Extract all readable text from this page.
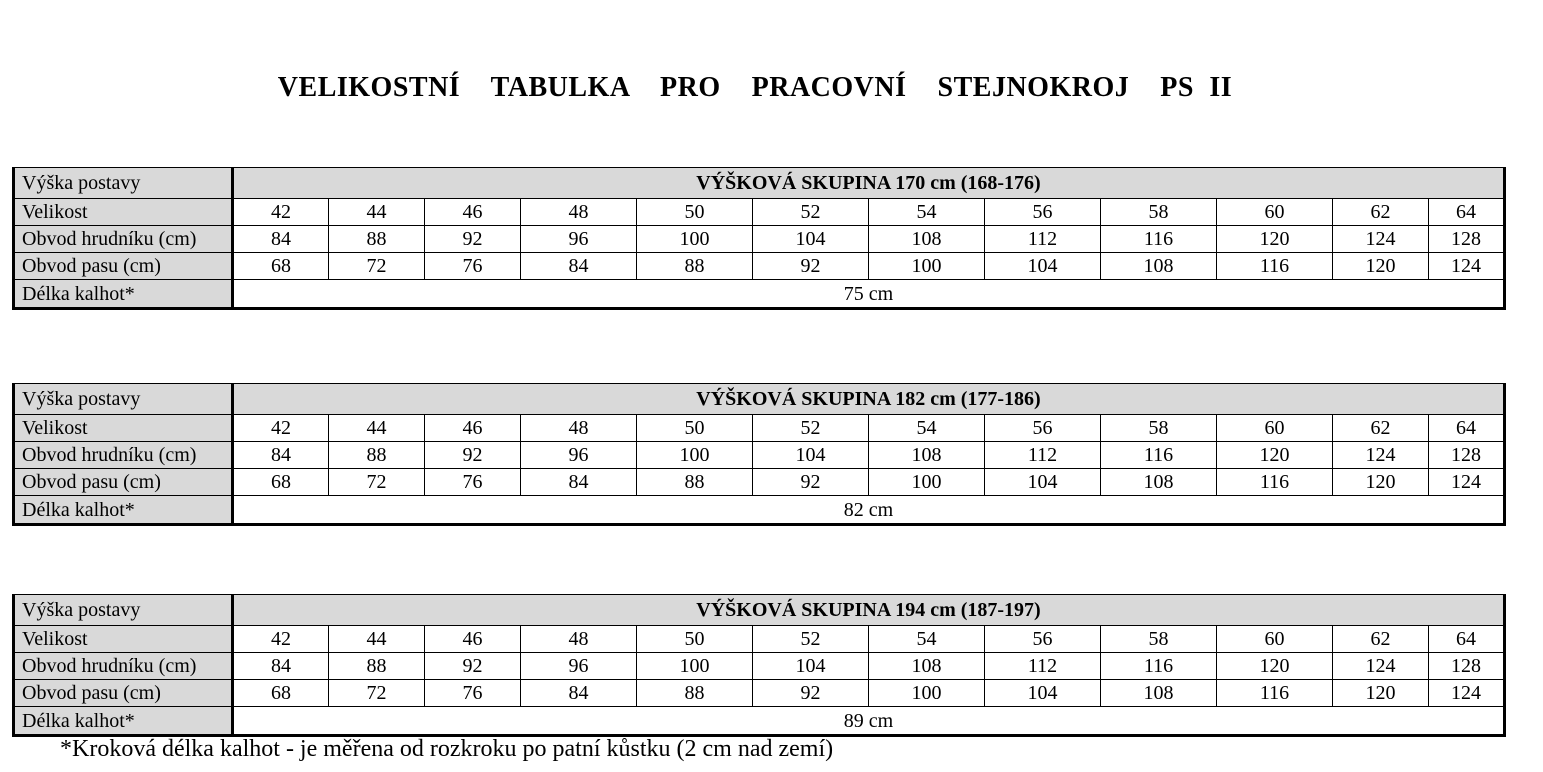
VELIKOSTNÍ  TABULKA  PRO  PRACOVNÍ  STEJNOKROJ  PS II
Výška postavy	VÝŠKOVÁ SKUPINA 170 cm (168-176)											
Velikost	42	44	46	48	50	52	54	56	58	60	62	64
Obvod hrudníku (cm)	84	88	92	96	100	104	108	112	116	120	124	128
Obvod pasu (cm)	68	72	76	84	88	92	100	104	108	116	120	124
Délka kalhot*	75 cm											
Výška postavy	VÝŠKOVÁ SKUPINA 182 cm (177-186)											
Velikost	42	44	46	48	50	52	54	56	58	60	62	64
Obvod hrudníku (cm)	84	88	92	96	100	104	108	112	116	120	124	128
Obvod pasu (cm)	68	72	76	84	88	92	100	104	108	116	120	124
Délka kalhot*	82 cm											
Výška postavy	VÝŠKOVÁ SKUPINA 194 cm (187-197)											
Velikost	42	44	46	48	50	52	54	56	58	60	62	64
Obvod hrudníku (cm)	84	88	92	96	100	104	108	112	116	120	124	128
Obvod pasu (cm)	68	72	76	84	88	92	100	104	108	116	120	124
Délka kalhot*	89 cm											
*Kroková délka kalhot - je měřena od rozkroku po patní kůstku (2 cm nad zemí)
